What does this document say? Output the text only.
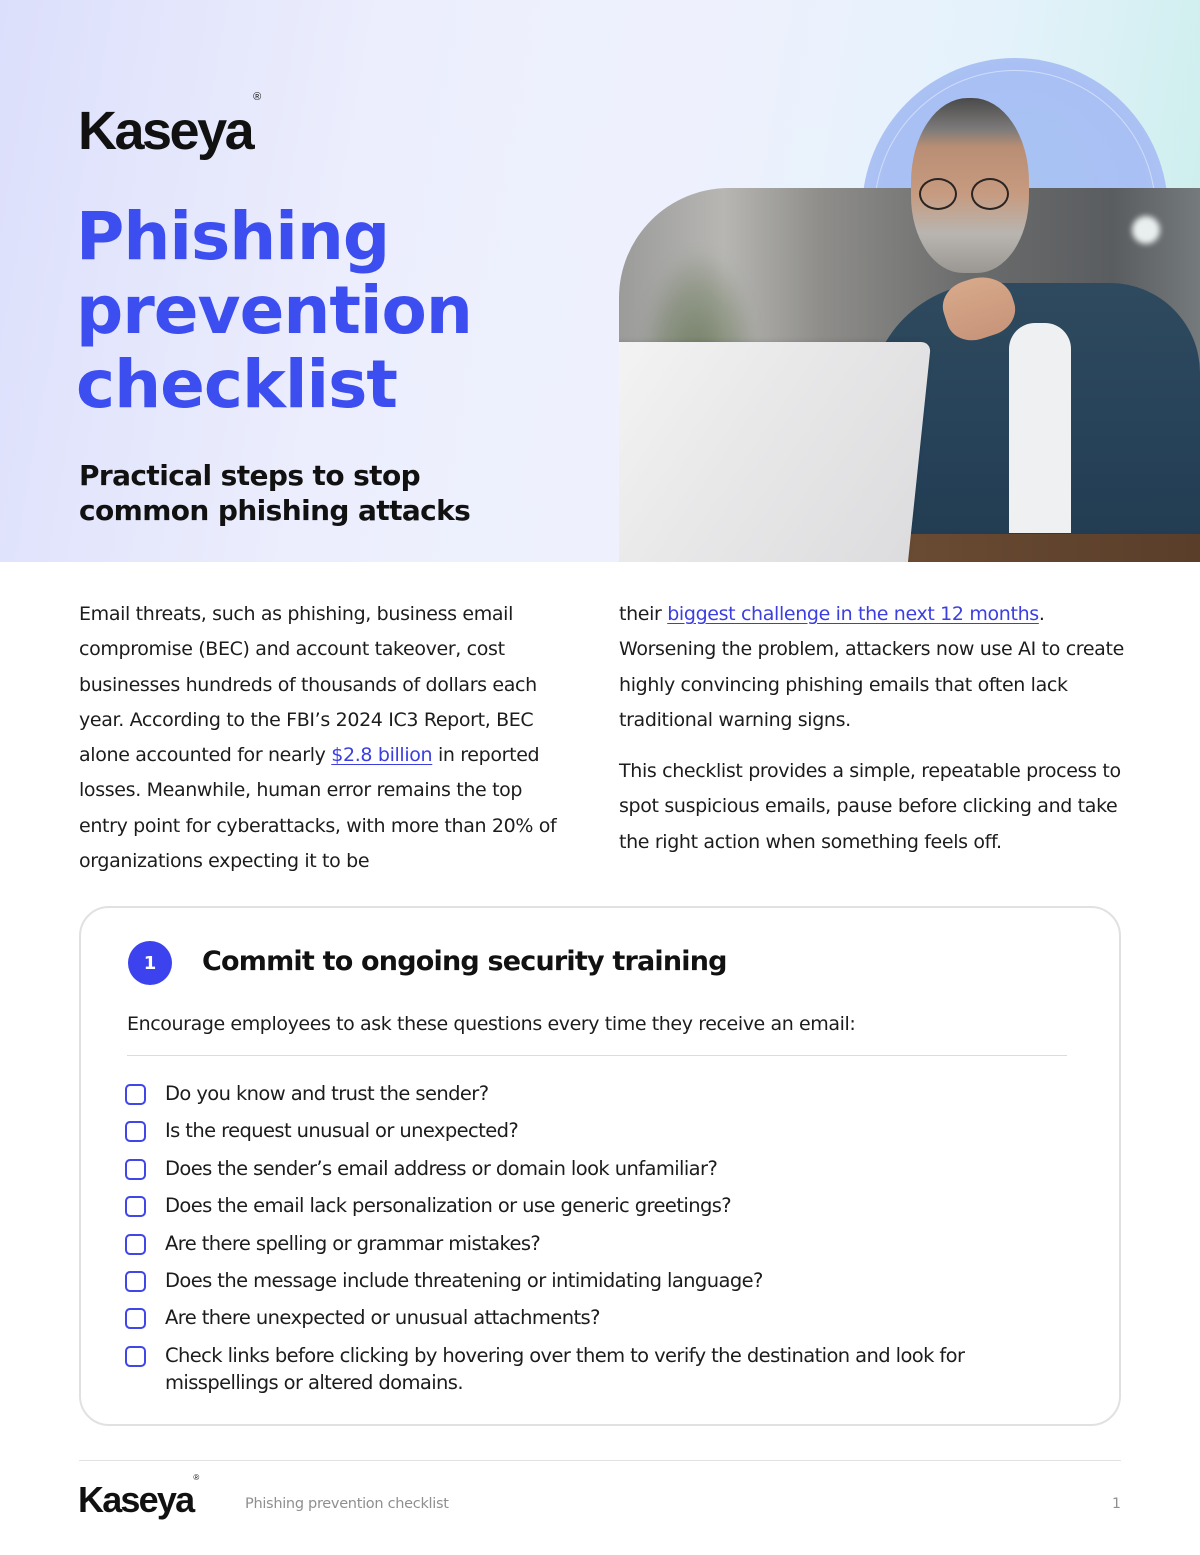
Kaseya®
Phishing prevention checklist
Practical steps to stop common phishing attacks

Email threats, such as phishing, business email compromise (BEC) and account takeover, cost businesses hundreds of thousands of dollars each year. According to the FBI’s 2024 IC3 Report, BEC alone accounted for nearly $2.8 billion in reported losses. Meanwhile, human error remains the top entry point for cyberattacks, with more than 20% of organizations expecting it to be

their biggest challenge in the next 12 months. Worsening the problem, attackers now use AI to create highly convincing phishing emails that often lack traditional warning signs.

This checklist provides a simple, repeatable process to spot suspicious emails, pause before clicking and take the right action when something feels off.

1	Commit to ongoing security training

Encourage employees to ask these questions every time they receive an email:

Do you know and trust the sender?
Is the request unusual or unexpected?
Does the sender’s email address or domain look unfamiliar?
Does the email lack personalization or use generic greetings?
Are there spelling or grammar mistakes?
Does the message include threatening or intimidating language?
Are there unexpected or unusual attachments?
Check links before clicking by hovering over them to verify the destination and look for misspellings or altered domains.
Kaseya®
Phishing prevention checklist	1
